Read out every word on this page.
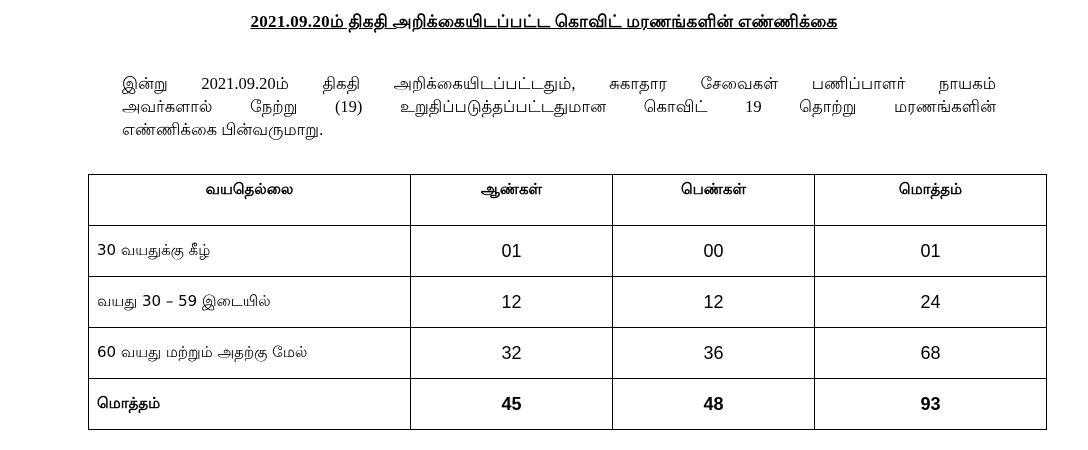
2021.09.20ம் திகதி அறிக்கையிடப்பட்ட கொவிட் மரணங்களின் எண்ணிக்கை
இன்று 2021.09.20ம் திகதி அறிக்கையிடப்பட்டதும், சுகாதார சேவைகள் பணிப்பாளர் நாயகம்
அவர்களால் நேற்று (19) உறுதிப்படுத்தப்பட்டதுமான கொவிட் 19 தொற்று மரணங்களின்
எண்ணிக்கை பின்வருமாறு.
வயதெல்லை	ஆண்கள்	பெண்கள்	மொத்தம்
30 வயதுக்கு கீழ்	01	00	01
வயது 30 – 59 இடையில்	12	12	24
60 வயது மற்றும் அதற்கு மேல்	32	36	68
மொத்தம்	45	48	93
